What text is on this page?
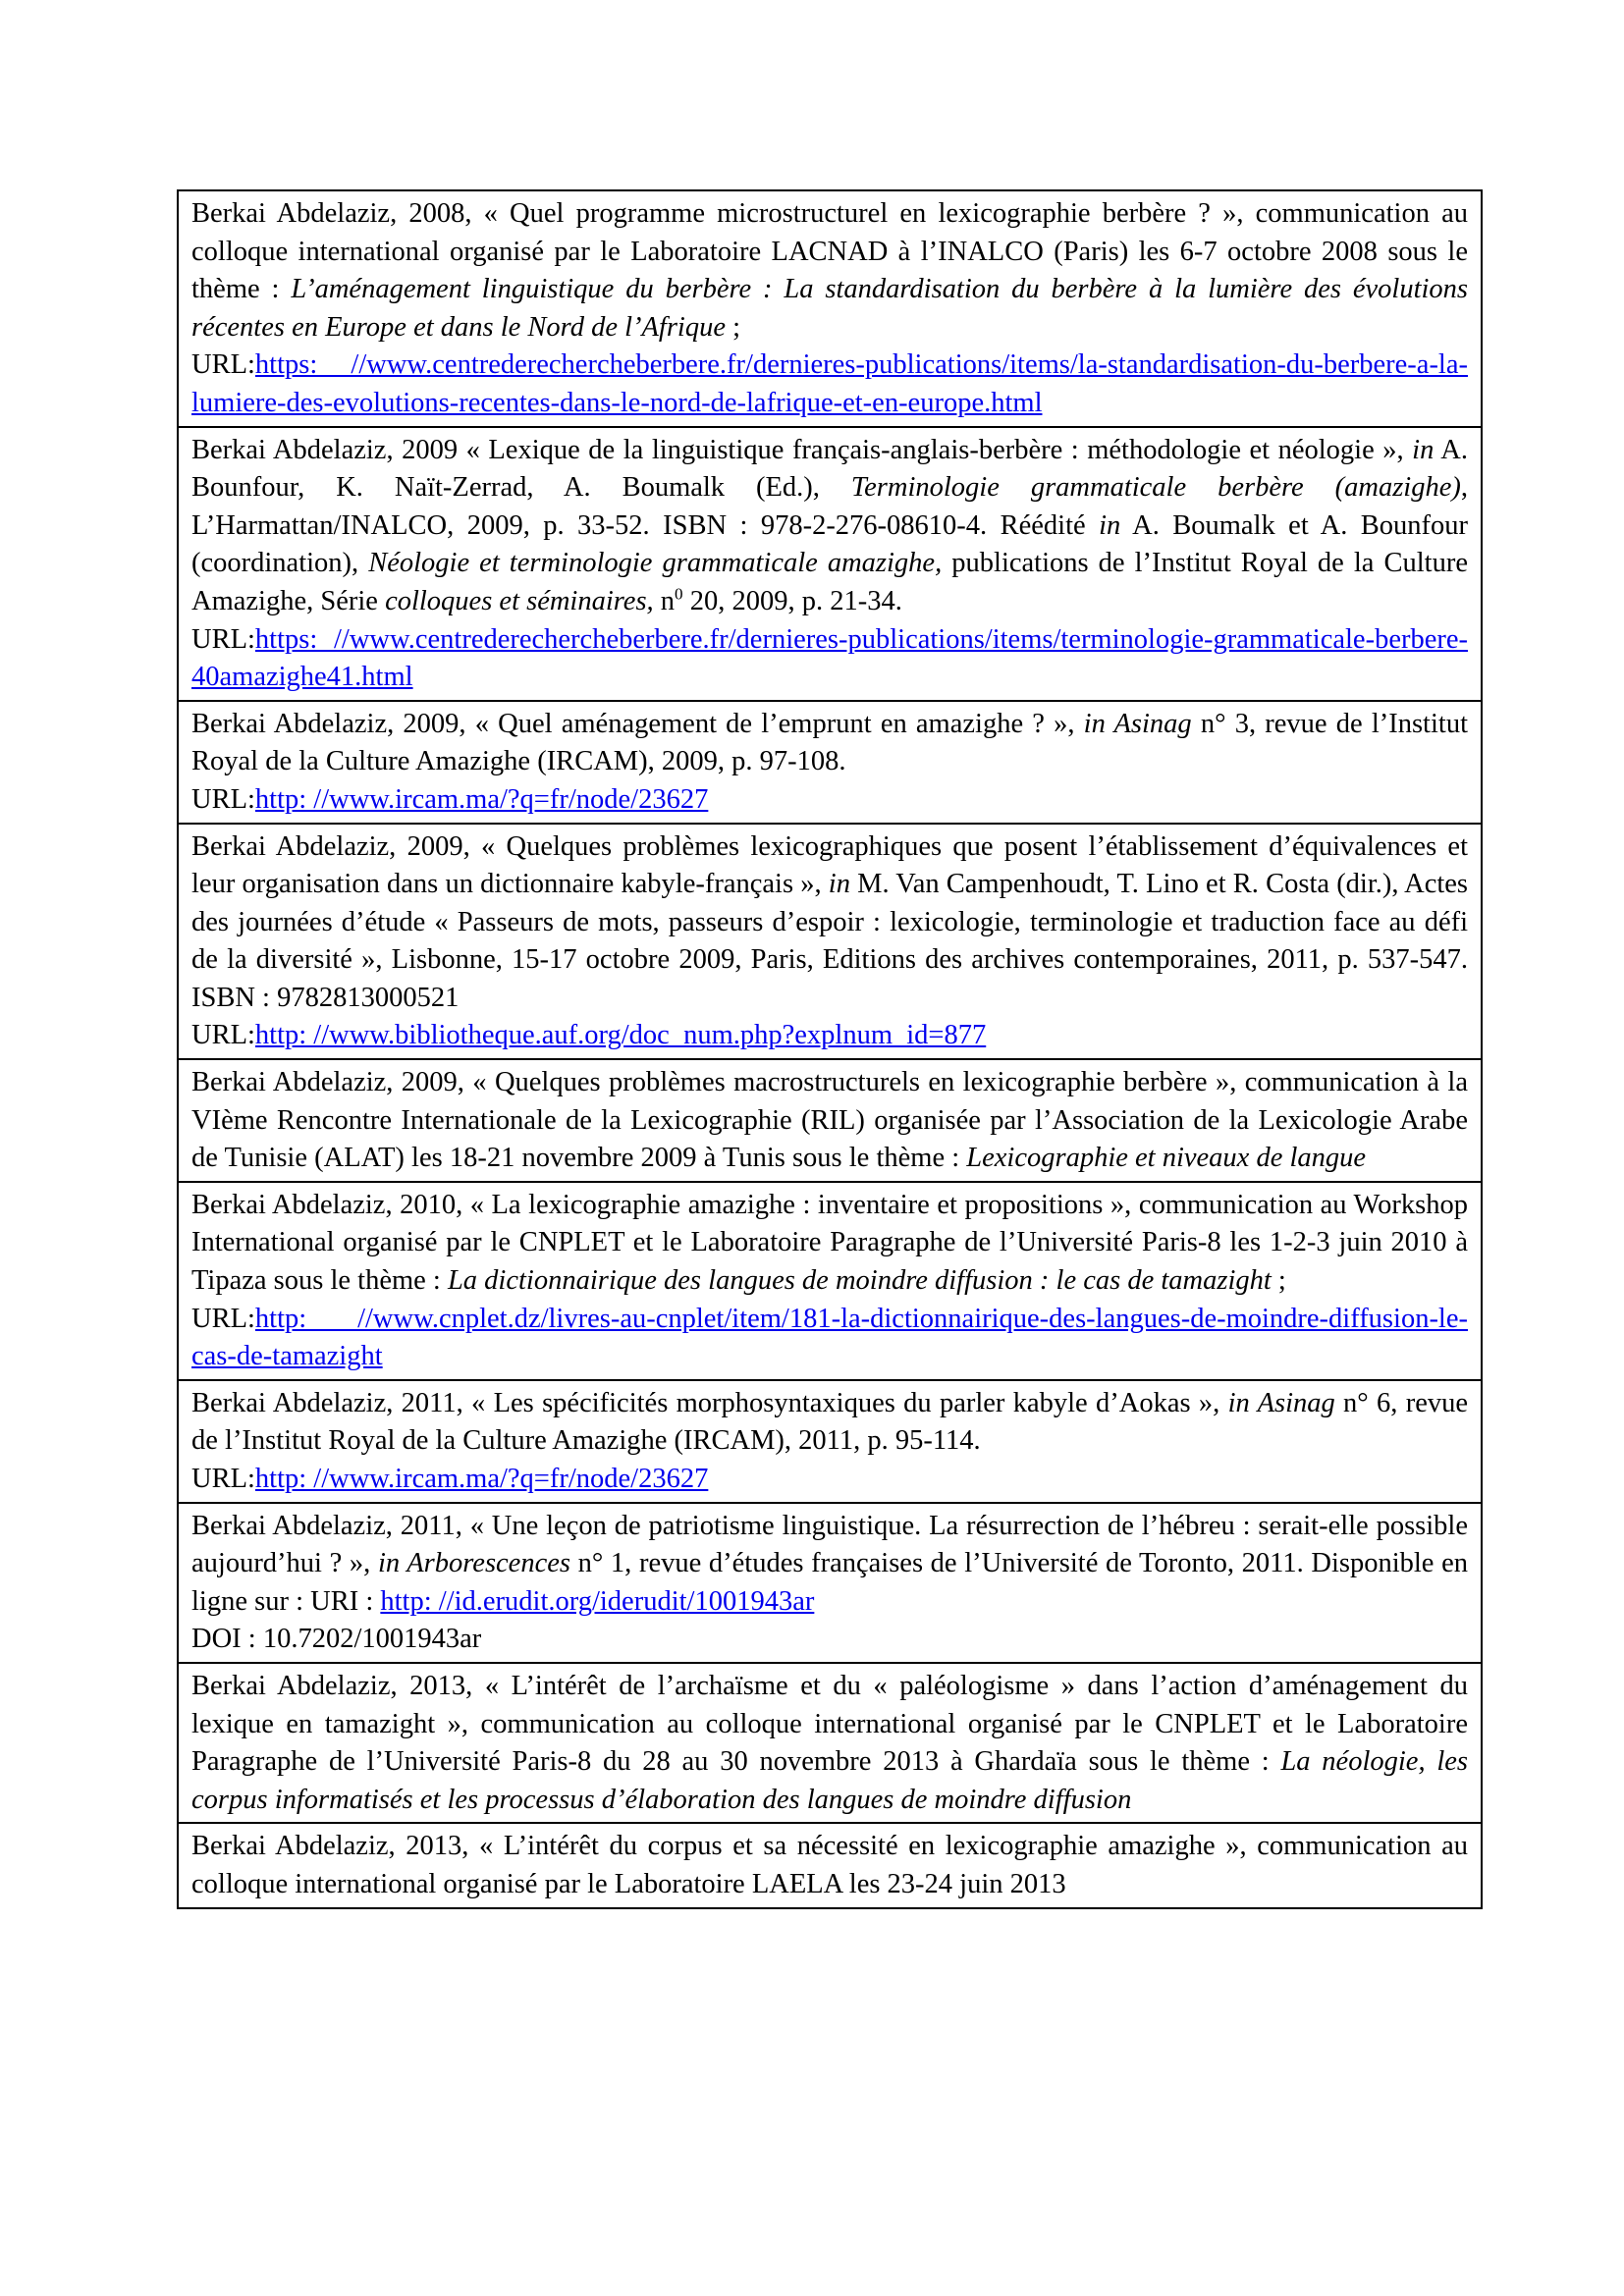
Berkai Abdelaziz, 2008, « Quel programme microstructurel en lexicographie berbère ? », communication au colloque international organisé par le Laboratoire LACNAD à l’INALCO (Paris) les 6-7 octobre 2008 sous le thème : L’aménagement linguistique du berbère : La standardisation du berbère à la lumière des évolutions récentes en Europe et dans le Nord de l’Afrique ;
URL:https: //www.centrederechercheberbere.fr/dernieres-publications/items/la-standardisation-du-berbere-a-la-lumiere-des-evolutions-recentes-dans-le-nord-de-lafrique-et-en-europe.html

Berkai Abdelaziz, 2009 « Lexique de la linguistique français-anglais-berbère : méthodologie et néologie », in A. Bounfour, K. Naït-Zerrad, A. Boumalk (Ed.), Terminologie grammaticale berbère (amazighe), L’Harmattan/INALCO, 2009, p. 33-52. ISBN : 978-2-276-08610-4. Réédité in A. Boumalk et A. Bounfour (coordination), Néologie et terminologie grammaticale amazighe, publications de l’Institut Royal de la Culture Amazighe, Série colloques et séminaires, $n^0$ 20, 2009, p. 21-34.
URL:https: //www.centrederechercheberbere.fr/dernieres-publications/items/terminologie-grammaticale-berbere-40amazighe41.html

Berkai Abdelaziz, 2009, « Quel aménagement de l’emprunt en amazighe ? », in Asinag n° 3, revue de l’Institut Royal de la Culture Amazighe (IRCAM), 2009, p. 97-108.
URL:http: //www.ircam.ma/?q=fr/node/23627

Berkai Abdelaziz, 2009, « Quelques problèmes lexicographiques que posent l’établissement d’équivalences et leur organisation dans un dictionnaire kabyle-français », in M. Van Campenhoudt, T. Lino et R. Costa (dir.), Actes des journées d’étude « Passeurs de mots, passeurs d’espoir : lexicologie, terminologie et traduction face au défi de la diversité », Lisbonne, 15-17 octobre 2009, Paris, Editions des archives contemporaines, 2011, p. 537-547. ISBN : 9782813000521
URL:http: //www.bibliotheque.auf.org/doc_num.php?explnum_id=877

Berkai Abdelaziz, 2009, « Quelques problèmes macrostructurels en lexicographie berbère », communication à la VIème Rencontre Internationale de la Lexicographie (RIL) organisée par l’Association de la Lexicologie Arabe de Tunisie (ALAT) les 18-21 novembre 2009 à Tunis sous le thème : Lexicographie et niveaux de langue
Berkai Abdelaziz, 2010, « La lexicographie amazighe : inventaire et propositions », communication au Workshop International organisé par le CNPLET et le Laboratoire Paragraphe de l’Université Paris-8 les 1-2-3 juin 2010 à Tipaza sous le thème : La dictionnairique des langues de moindre diffusion : le cas de tamazight ;
URL:http: //www.cnplet.dz/livres-au-cnplet/item/181-la-dictionnairique-des-langues-de-moindre-diffusion-le-cas-de-tamazight

Berkai Abdelaziz, 2011, « Les spécificités morphosyntaxiques du parler kabyle d’Aokas », in Asinag n° 6, revue de l’Institut Royal de la Culture Amazighe (IRCAM), 2011, p. 95-114.
URL:http: //www.ircam.ma/?q=fr/node/23627

Berkai Abdelaziz, 2011, « Une leçon de patriotisme linguistique. La résurrection de l’hébreu : serait-elle possible aujourd’hui ? », in Arborescences n° 1, revue d’études françaises de l’Université de Toronto, 2011. Disponible en ligne sur : URI : http: //id.erudit.org/iderudit/1001943ar
DOI : 10.7202/1001943ar

Berkai Abdelaziz, 2013, « L’intérêt de l’archaïsme et du « paléologisme » dans l’action d’aménagement du lexique en tamazight », communication au colloque international organisé par le CNPLET et le Laboratoire Paragraphe de l’Université Paris-8 du 28 au 30 novembre 2013 à Ghardaïa sous le thème : La néologie, les corpus informatisés et les processus d’élaboration des langues de moindre diffusion
Berkai Abdelaziz, 2013, « L’intérêt du corpus et sa nécessité en lexicographie amazighe », communication au colloque international organisé par le Laboratoire LAELA les 23-24 juin 2013
